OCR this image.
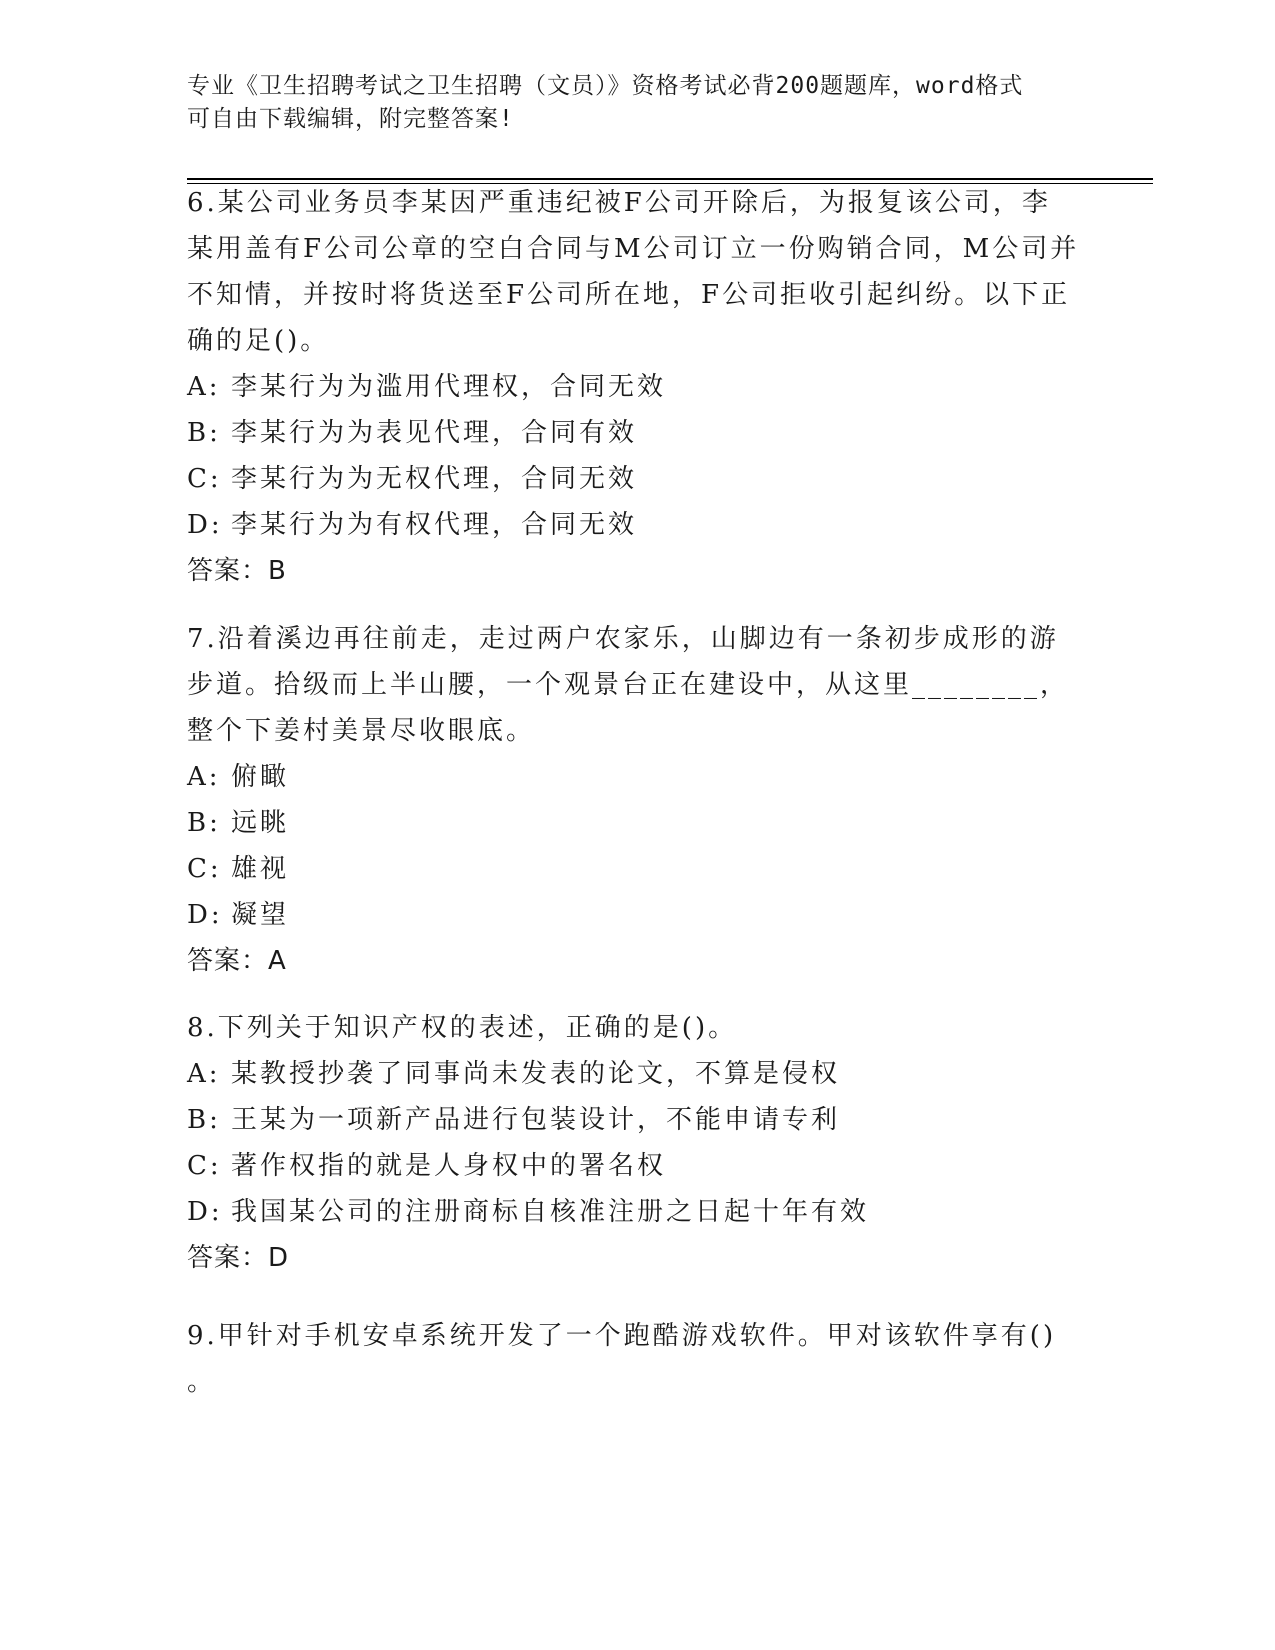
专业《卫生招聘考试之卫生招聘（文员）》资格考试必背200题题库，word格式
可自由下载编辑，附完整答案!
6.某公司业务员李某因严重违纪被F公司开除后，为报复该公司，李
某用盖有F公司公章的空白合同与M公司订立一份购销合同，M公司并
不知情，并按时将货送至F公司所在地，F公司拒收引起纠纷。以下正
确的足()。
A: 李某行为为滥用代理权，合同无效
B: 李某行为为表见代理，合同有效
C: 李某行为为无权代理，合同无效
D: 李某行为为有权代理，合同无效
答案：B
7.沿着溪边再往前走，走过两户农家乐，山脚边有一条初步成形的游
步道。拾级而上半山腰，一个观景台正在建设中，从这里________，
整个下姜村美景尽收眼底。
A: 俯瞰
B: 远眺
C: 雄视
D: 凝望
答案：A
8.下列关于知识产权的表述，正确的是()。
A: 某教授抄袭了同事尚未发表的论文，不算是侵权
B: 王某为一项新产品进行包装设计，不能申请专利
C: 著作权指的就是人身权中的署名权
D: 我国某公司的注册商标自核准注册之日起十年有效
答案：D
9.甲针对手机安卓系统开发了一个跑酷游戏软件。甲对该软件享有()
。
